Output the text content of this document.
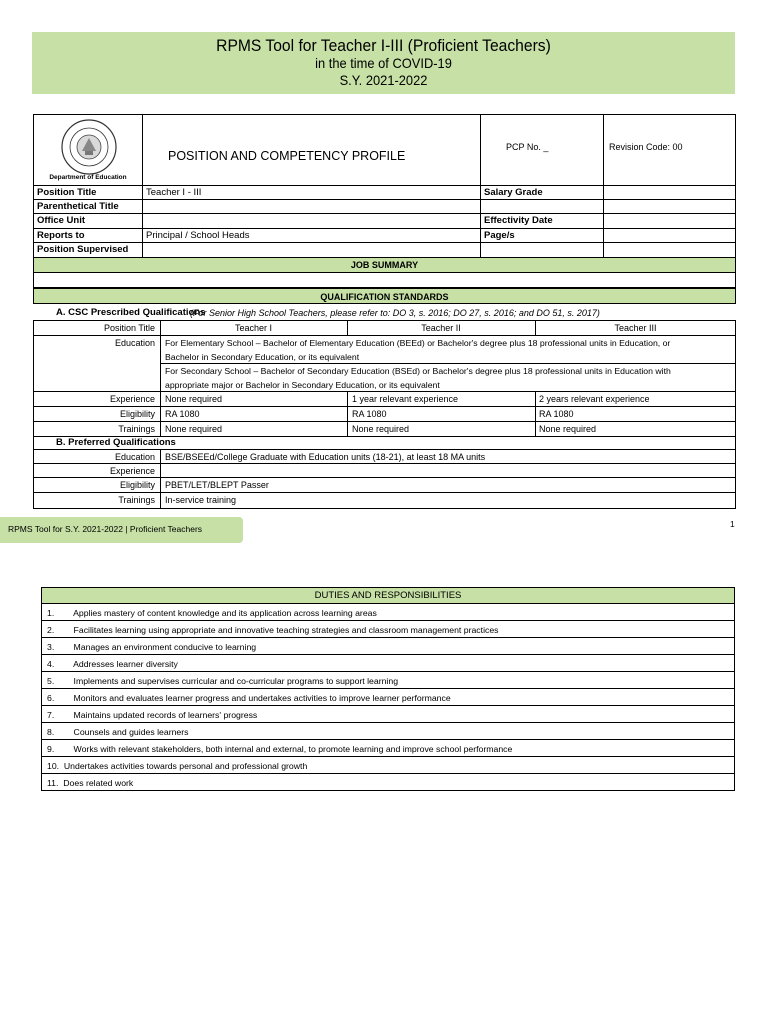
RPMS Tool for Teacher I-III (Proficient Teachers)
in the time of COVID-19
S.Y. 2021-2022
Department of Education
POSITION AND COMPETENCY PROFILE
PCP No. _	Revision Code: 00
Position Title	Teacher I - III	Salary Grade
Parenthetical Title
Office Unit	Effectivity Date
Reports to	Principal / School Heads	Page/s
Position Supervised
JOB SUMMARY
QUALIFICATION STANDARDS
A. CSC Prescribed Qualifications
(For Senior High School Teachers, please refer to: DO 3, s. 2016; DO 27, s. 2016; and DO 51, s. 2017)
Position Title	Teacher I	Teacher II	Teacher III
Education For Elementary School – Bachelor of Elementary Education (BEEd) or Bachelor's degree plus 18 professional units in Education, or
Bachelor in Secondary Education, or its equivalent
For Secondary School – Bachelor of Secondary Education (BSEd) or Bachelor's degree plus 18 professional units in Education with
appropriate major or Bachelor in Secondary Education, or its equivalent
Experience None required	1 year relevant experience	2 years relevant experience
Eligibility RA 1080	RA 1080	RA 1080
Trainings None required	None required	None required
B. Preferred Qualifications
Education BSE/BSEEd/College Graduate with Education units (18-21), at least 18 MA units
Experience
Eligibility PBET/LET/BLEPT Passer
Trainings In-service training
RPMS Tool for S.Y. 2021-2022 | Proficient Teachers	1
DUTIES AND RESPONSIBILITIES
1.        Applies mastery of content knowledge and its application across learning areas
2.        Facilitates learning using appropriate and innovative teaching strategies and classroom management practices
3.        Manages an environment conducive to learning
4.        Addresses learner diversity
5.        Implements and supervises curricular and co-curricular programs to support learning
6.        Monitors and evaluates learner progress and undertakes activities to improve learner performance
7.        Maintains updated records of learners' progress
8.        Counsels and guides learners
9.        Works with relevant stakeholders, both internal and external, to promote learning and improve school performance
10.  Undertakes activities towards personal and professional growth
11.  Does related work
